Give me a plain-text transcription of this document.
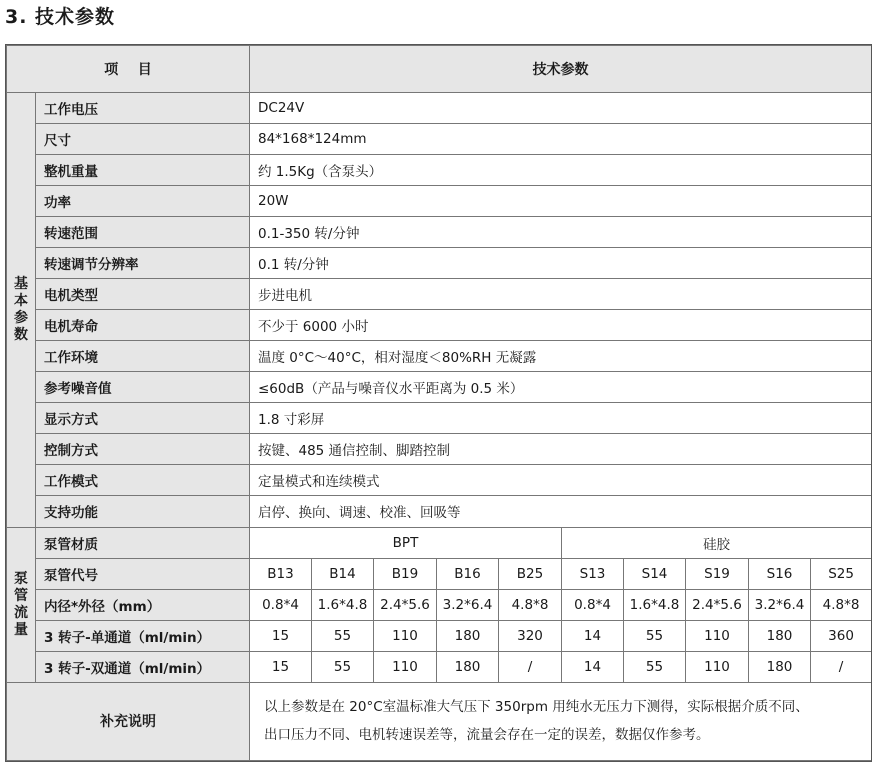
3. 技术参数
项    目		技术参数									
基本参数	工作电压	DC24V									
	尺寸	84*168*124mm									
	整机重量	约 1.5Kg（含泵头）									
	功率	20W									
	转速范围	0.1-350 转/分钟									
	转速调节分辨率	0.1 转/分钟									
	电机类型	步进电机									
	电机寿命	不少于 6000 小时									
	工作环境	温度 0°C～40°C，相对湿度＜80%RH 无凝露									
	参考噪音值	≤60dB（产品与噪音仪水平距离为 0.5 米）									
	显示方式	1.8 寸彩屏									
	控制方式	按键、485 通信控制、脚踏控制									
	工作模式	定量模式和连续模式									
	支持功能	启停、换向、调速、校准、回吸等									
泵管流量	泵管材质	BPT					硅胶				
	泵管代号	B13	B14	B19	B16	B25	S13	S14	S19	S16	S25
	内径*外径（mm）	0.8*4	1.6*4.8	2.4*5.6	3.2*6.4	4.8*8	0.8*4	1.6*4.8	2.4*5.6	3.2*6.4	4.8*8
	3 转子-单通道（ml/min）	15	55	110	180	320	14	55	110	180	360
	3 转子-双通道（ml/min）	15	55	110	180	/	14	55	110	180	/
补充说明		以上参数是在 20°C室温标准大气压下 350rpm 用纯水无压力下测得，实际根据介质不同、
出口压力不同、电机转速误差等，流量会存在一定的误差，数据仅作参考。									
